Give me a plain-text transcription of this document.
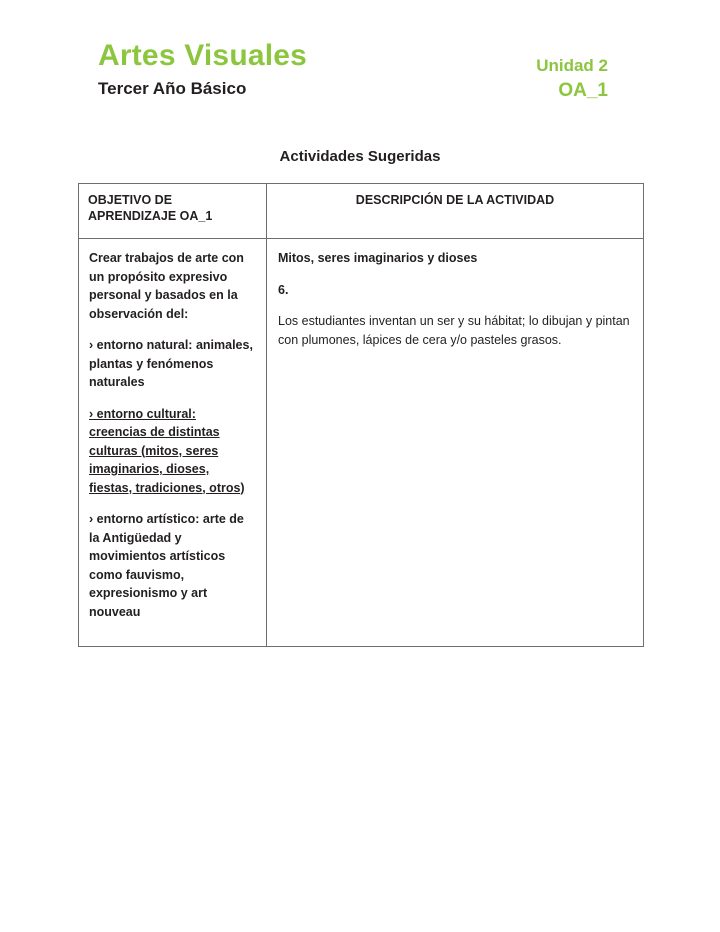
Artes Visuales
Tercer Año Básico
Unidad 2
OA_1
Actividades Sugeridas
OBJETIVO DE APRENDIZAJE OA_1
DESCRIPCIÓN DE LA ACTIVIDAD

Crear trabajos de arte con un propósito expresivo personal y basados en la observación del:

› entorno natural: animales, plantas y fenómenos naturales

› entorno cultural: creencias de distintas culturas (mitos, seres imaginarios, dioses, fiestas, tradiciones, otros)

› entorno artístico: arte de la Antigüedad y movimientos artísticos como fauvismo, expresionismo y art nouveau

Mitos, seres imaginarios y dioses

6.

Los estudiantes inventan un ser y su hábitat; lo dibujan y pintan con plumones, lápices de cera y/o pasteles grasos.
